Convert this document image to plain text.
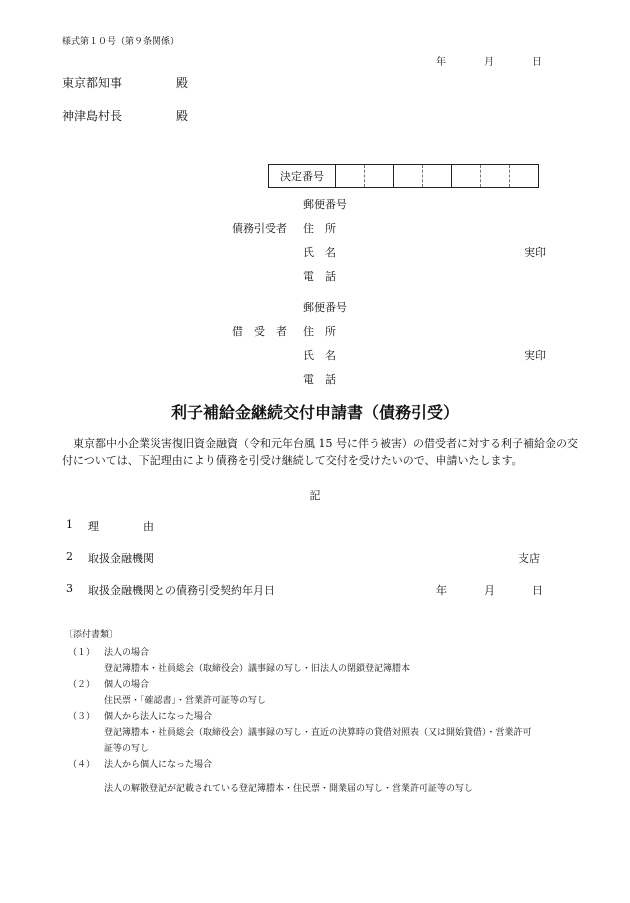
様式第１０号（第９条関係）
年	月	日
東京都知事	殿
神津島村長	殿
決定番号							
郵便番号
債務引受者 住　所
氏　名	実印
電　話
郵便番号
借　受　者 住　所
氏　名	実印
電　話
利子補給金継続交付申請書（債務引受）
東京都中小企業災害復旧資金融資（令和元年台風 15 号に伴う被害）の借受者に対する利子補給金の交付については、下記理由により債務を引受け継続して交付を受けたいので、申請いたします。
記
1 理　　　　由
2 取扱金融機関	支店
3 取扱金融機関との債務引受契約年月日	年	月	日
〔添付書類〕
（１） 法人の場合
登記簿謄本・社員総会（取締役会）議事録の写し・旧法人の閉鎖登記簿謄本
（２） 個人の場合
住民票・「確認書」・営業許可証等の写し
（３） 個人から法人になった場合
登記簿謄本・社員総会（取締役会）議事録の写し・直近の決算時の貸借対照表（又は開始貸借）・営業許可
証等の写し
（４） 法人から個人になった場合
法人の解散登記が記載されている登記簿謄本・住民票・開業届の写し・営業許可証等の写し
